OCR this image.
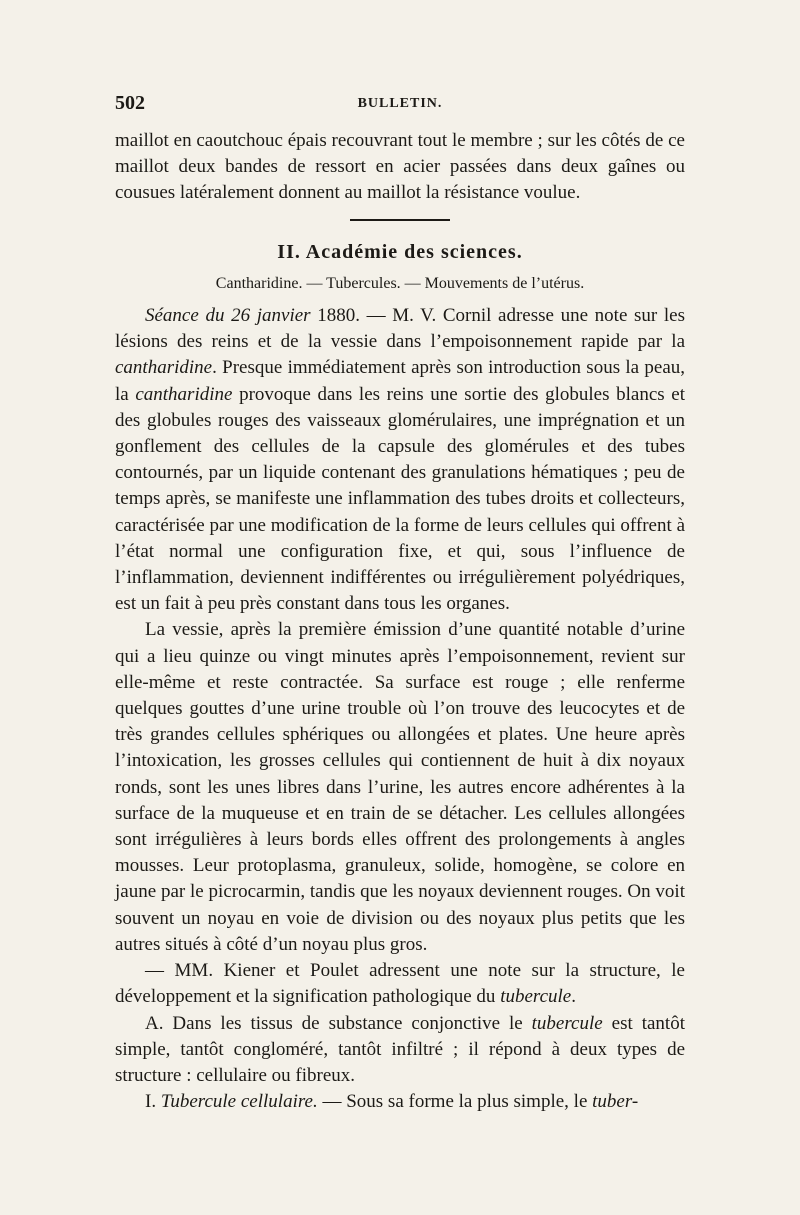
502	BULLETIN.

maillot en caoutchouc épais recouvrant tout le membre ; sur les côtés de ce maillot deux bandes de ressort en acier passées dans deux gaînes ou cousues latéralement donnent au maillot la résistance voulue.

II. Académie des sciences.
Cantharidine. — Tubercules. — Mouvements de l’utérus.

Séance du 26 janvier 1880. — M. V. Cornil adresse une note sur les lésions des reins et de la vessie dans l’empoisonnement rapide par la cantharidine. Presque immédiatement après son introduction sous la peau, la cantharidine provoque dans les reins une sortie des globules blancs et des globules rouges des vaisseaux glomérulaires, une imprégnation et un gonflement des cellules de la capsule des glomérules et des tubes contournés, par un liquide contenant des granulations hématiques ; peu de temps après, se manifeste une inflammation des tubes droits et collecteurs, caractérisée par une modification de la forme de leurs cellules qui offrent à l’état normal une configuration fixe, et qui, sous l’influence de l’inflammation, deviennent indifférentes ou irrégulièrement polyédriques, est un fait à peu près constant dans tous les organes.

La vessie, après la première émission d’une quantité notable d’urine qui a lieu quinze ou vingt minutes après l’empoisonnement, revient sur elle-même et reste contractée. Sa surface est rouge ; elle renferme quelques gouttes d’une urine trouble où l’on trouve des leucocytes et de très grandes cellules sphériques ou allongées et plates. Une heure après l’intoxication, les grosses cellules qui contiennent de huit à dix noyaux ronds, sont les unes libres dans l’urine, les autres encore adhérentes à la surface de la muqueuse et en train de se détacher. Les cellules allongées sont irrégulières à leurs bords elles offrent des prolongements à angles mousses. Leur protoplasma, granuleux, solide, homogène, se colore en jaune par le picrocarmin, tandis que les noyaux deviennent rouges. On voit souvent un noyau en voie de division ou des noyaux plus petits que les autres situés à côté d’un noyau plus gros.

— MM. Kiener et Poulet adressent une note sur la structure, le développement et la signification pathologique du tubercule.

A. Dans les tissus de substance conjonctive le tubercule est tantôt simple, tantôt congloméré, tantôt infiltré ; il répond à deux types de structure : cellulaire ou fibreux.

I. Tubercule cellulaire. — Sous sa forme la plus simple, le tuber-
